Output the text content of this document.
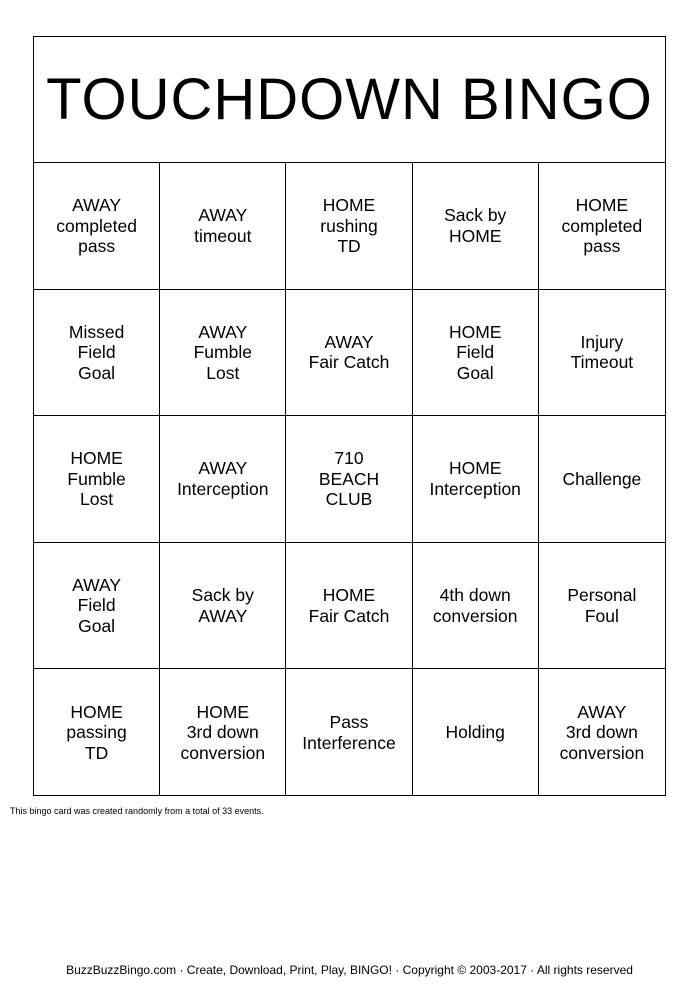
TOUCHDOWN BINGO
AWAY
completed
pass
AWAY
timeout
HOME
rushing
TD
Sack by
HOME
HOME
completed
pass
Missed
Field
Goal
AWAY
Fumble
Lost
AWAY
Fair Catch
HOME
Field
Goal
Injury
Timeout
HOME
Fumble
Lost
AWAY
Interception
710
BEACH
CLUB
HOME
Interception
Challenge
AWAY
Field
Goal
Sack by
AWAY
HOME
Fair Catch
4th down
conversion
Personal
Foul
HOME
passing
TD
HOME
3rd down
conversion
Pass
Interference
Holding
AWAY
3rd down
conversion
This bingo card was created randomly from a total of 33 events.
BuzzBuzzBingo.com · Create, Download, Print, Play, BINGO! · Copyright © 2003-2017 · All rights reserved
